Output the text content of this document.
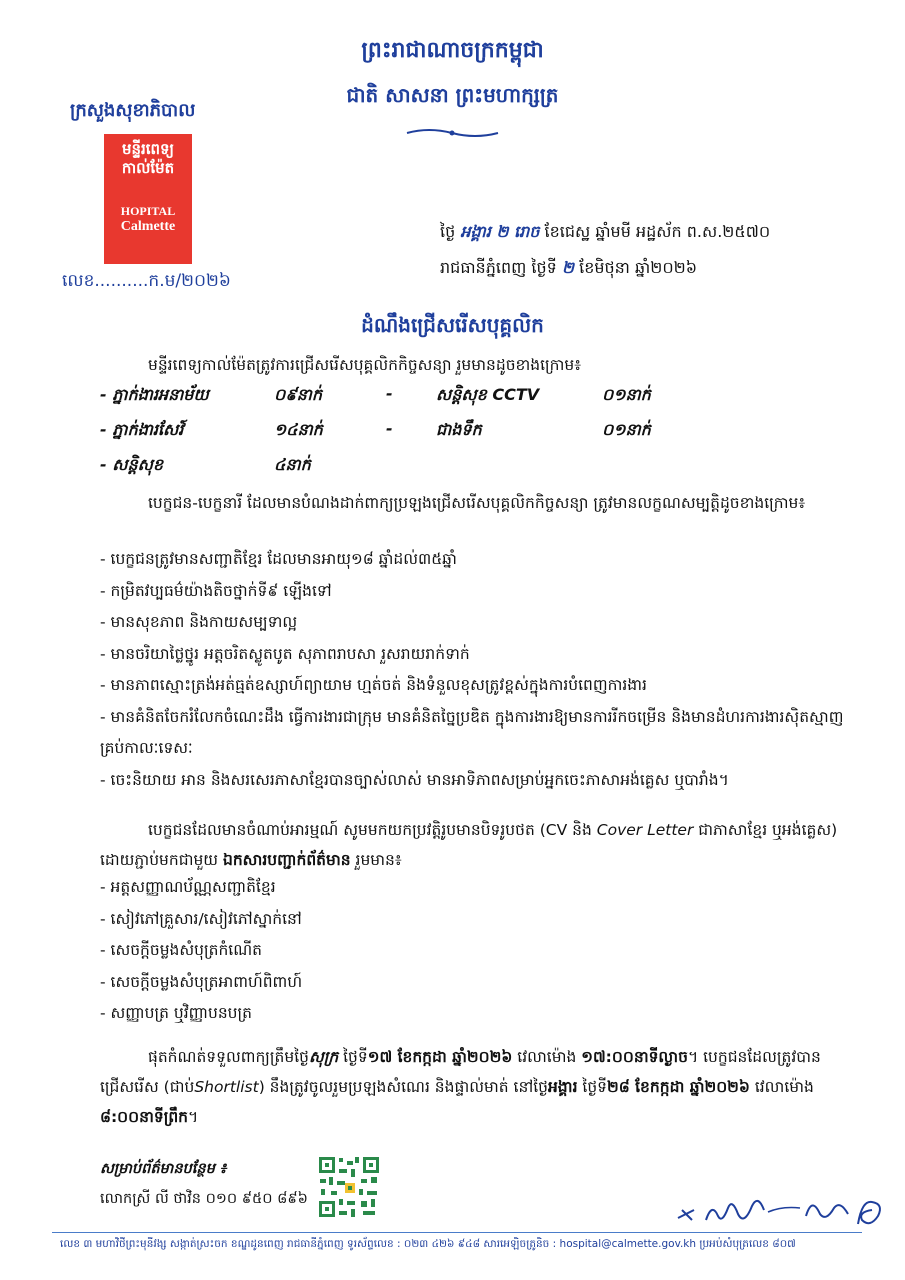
ព្រះរាជាណាចក្រកម្ពុជា
ជាតិ សាសនា ព្រះមហាក្សត្រ
ក្រសួងសុខាភិបាល
មន្ទីរពេទ្យ
កាល់ម៉ែត
HOPITAL
Calmette
លេខ..........ក.ម/២០២៦
ថ្ងៃ អង្គារ ២ រោច ខែជេស្ឋ ឆ្នាំមមី អដ្ឋស័ក ព.ស.២៥៧០
រាជធានីភ្នំពេញ ថ្ងៃទី ២ ខែមិថុនា ឆ្នាំ២០២៦
ដំណឹងជ្រើសរើសបុគ្គលិក
មន្ទីរពេទ្យកាល់ម៉ែតត្រូវការជ្រើសរើសបុគ្គលិកកិច្ចសន្យា រួមមានដូចខាងក្រោម៖
- ភ្នាក់ងារអនាម័យ	០៩នាក់	-	សន្តិសុខ CCTV	០១នាក់
- ភ្នាក់ងារសែវ៍	១៤នាក់	-	ជាងទឹក	០១នាក់
- សន្តិសុខ	៤នាក់
បេក្ខជន-បេក្ខនារី ដែលមានបំណងដាក់ពាក្យប្រឡងជ្រើសរើសបុគ្គលិកកិច្ចសន្យា ត្រូវមានលក្ខណសម្បត្តិដូចខាងក្រោម៖
- បេក្ខជនត្រូវមានសញ្ជាតិខ្មែរ ដែលមានអាយុ១៨ ឆ្នាំដល់៣៥ឆ្នាំ
- កម្រិតវប្បធម៌យ៉ាងតិចថ្នាក់ទី៩ ឡើងទៅ
- មានសុខភាព និងកាយសម្បទាល្អ
- មានចរិយាថ្លៃថ្នូរ អត្តចរិតស្លូតបូត សុភាពរាបសា រួសរាយរាក់ទាក់
- មានភាពស្មោះត្រង់អត់ធ្មត់ឧស្សាហ៍ព្យាយាម ហ្មត់ចត់ និងទំនួលខុសត្រូវខ្ពស់ក្នុងការបំពេញការងារ
- មានគំនិតចែករំលែកចំណេះដឹង ធ្វើការងារជាក្រុម មានគំនិតច្នៃប្រឌិត ក្នុងការងារឱ្យមានការរីកចម្រើន និងមានដំហរការងារស៊ិតស្មាញគ្រប់កាលៈទេសៈ
- ចេះនិយាយ អាន និងសរសេរភាសាខ្មែរបានច្បាស់លាស់ មានអាទិភាពសម្រាប់អ្នកចេះភាសាអង់គ្លេស ឬបារាំង។
បេក្ខជនដែលមានចំណាប់អារម្មណ៍ សូមមកយកប្រវត្តិរូបមានបិទរូបថត (CV និង Cover Letter ជាភាសាខ្មែរ ឬអង់គ្លេស) ដោយភ្ជាប់មកជាមួយ ឯកសារបញ្ជាក់ព័ត៌មាន រួមមាន៖
- អត្តសញ្ញាណប័ណ្ណសញ្ជាតិខ្មែរ
- សៀវភៅគ្រួសារ/សៀវភៅស្នាក់នៅ
- សេចក្តីចម្លងសំបុត្រកំណើត
- សេចក្តីចម្លងសំបុត្រអាពាហ៍ពិពាហ៍
- សញ្ញាបត្រ ឬវិញ្ញាបនបត្រ
ផុតកំណត់ទទួលពាក្យត្រឹមថ្ងៃសុក្រ ថ្ងៃទី១៧ ខែកក្កដា ឆ្នាំ២០២៦ វេលាម៉ោង ១៧:០០នាទីល្ងាច។ បេក្ខជនដែលត្រូវបានជ្រើសរើស (ជាប់Shortlist) នឹងត្រូវចូលរួមប្រឡងសំណេរ និងផ្ទាល់មាត់ នៅថ្ងៃអង្គារ ថ្ងៃទី២៨ ខែកក្កដា ឆ្នាំ២០២៦ វេលាម៉ោង ៨:០០នាទីព្រឹក។
សម្រាប់ព័ត៌មានបន្ថែម ៖
លោកស្រី លី ថាវិន ០១០ ៩៥០ ៨៩៦
លេខ ៣ មហាវិថីព្រះមុនីវង្ស សង្កាត់ស្រះចក ខណ្ឌដូនពេញ រាជធានីភ្នំពេញ ទូរស័ព្ទលេខ : ០២៣ ៤២៦ ៩៤៨ សារអេឡិចត្រូនិច : hospital@calmette.gov.kh ប្រអប់សំបុត្រលេខ ៨០៧
